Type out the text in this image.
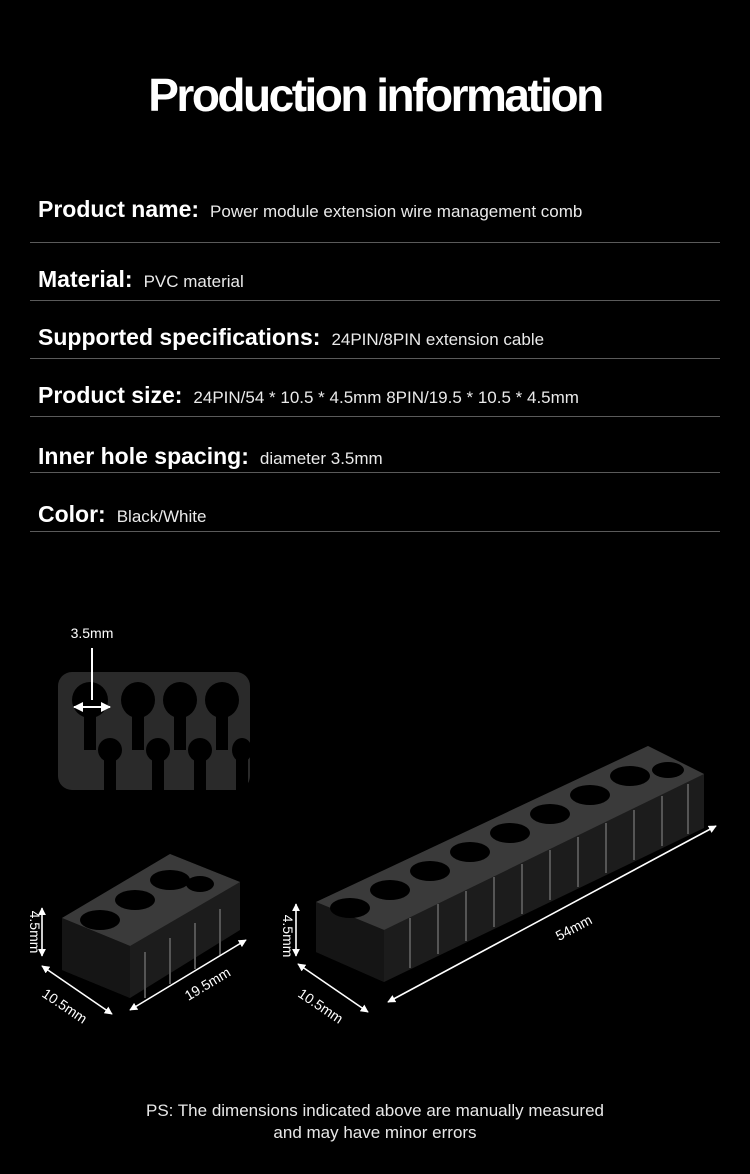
Production information
Product name: Power module extension wire management comb
Material: PVC material
Supported specifications: 24PIN/8PIN extension cable
Product size: 24PIN/54 * 10.5 * 4.5mm 8PIN/19.5 * 10.5 * 4.5mm
Inner hole spacing: diameter 3.5mm
Color: Black/White
3.5mm
4.5mm
10.5mm
19.5mm
4.5mm
10.5mm
54mm
PS: The dimensions indicated above are manually measured
and may have minor errors
